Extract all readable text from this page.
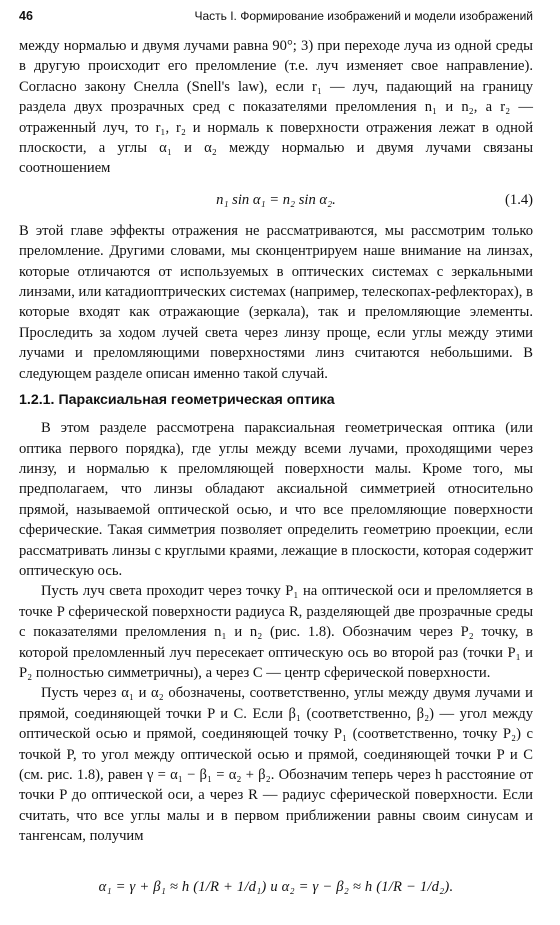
46	Часть I. Формирование изображений и модели изображений

между нормалью и двумя лучами равна 90°; 3) при переходе луча из одной среды в другую происходит его преломление (т.е. луч изменяет свое направление). Согласно закону Снелла (Snell's law), если r₁ — луч, падающий на границу раздела двух прозрачных сред с показателями преломления n₁ и n₂, а r₂ — отраженный луч, то r₁, r₂ и нормаль к поверхности отражения лежат в одной плоскости, а углы α₁ и α₂ между нормалью и двумя лучами связаны соотношением

n₁ sin α₁ = n₂ sin α₂.	(1.4)

В этой главе эффекты отражения не рассматриваются, мы рассмотрим только преломление. Другими словами, мы сконцентрируем наше внимание на линзах, которые отличаются от используемых в оптических системах с зеркальными линзами, или катадиоптрических системах (например, телескопах-рефлекторах), в которые входят как отражающие (зеркала), так и преломляющие элементы. Проследить за ходом лучей света через линзу проще, если углы между этими лучами и преломляющими поверхностями линз считаются небольшими. В следующем разделе описан именно такой случай.

1.2.1. Параксиальная геометрическая оптика

В этом разделе рассмотрена параксиальная геометрическая оптика (или оптика первого порядка), где углы между всеми лучами, проходящими через линзу, и нормалью к преломляющей поверхности малы. Кроме того, мы предполагаем, что линзы обладают аксиальной симметрией относительно прямой, называемой оптической осью, и что все преломляющие поверхности сферические. Такая симметрия позволяет определить геометрию проекции, если рассматривать линзы с круглыми краями, лежащие в плоскости, которая содержит оптическую ось.

Пусть луч света проходит через точку P₁ на оптической оси и преломляется в точке P сферической поверхности радиуса R, разделяющей две прозрачные среды с показателями преломления n₁ и n₂ (рис. 1.8). Обозначим через P₂ точку, в которой преломленный луч пересекает оптическую ось во второй раз (точки P₁ и P₂ полностью симметричны), а через C — центр сферической поверхности.

Пусть через α₁ и α₂ обозначены, соответственно, углы между двумя лучами и прямой, соединяющей точки P и C. Если β₁ (соответственно, β₂) — угол между оптической осью и прямой, соединяющей точку P₁ (соответственно, точку P₂) с точкой P, то угол между оптической осью и прямой, соединяющей точки P и C (см. рис. 1.8), равен γ = α₁ − β₁ = α₂ + β₂. Обозначим теперь через h расстояние от точки P до оптической оси, а через R — радиус сферической поверхности. Если считать, что все углы малы и в первом приближении равны своим синусам и тангенсам, получим

α₁ = γ + β₁ ≈ h (1/R + 1/d₁) и α₂ = γ − β₂ ≈ h (1/R − 1/d₂).
